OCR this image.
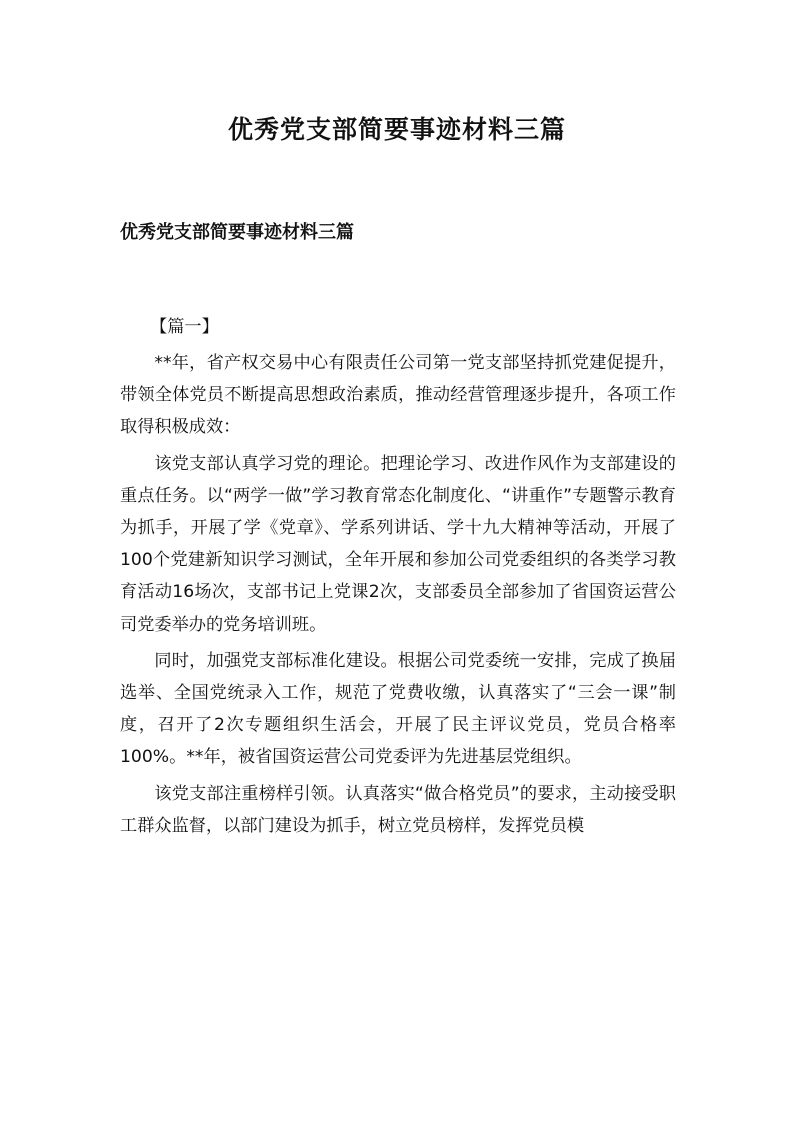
优秀党支部简要事迹材料三篇
优秀党支部简要事迹材料三篇

【篇一】

**年，省产权交易中心有限责任公司第一党支部坚持抓党建促提升，带领全体党员不断提高思想政治素质，推动经营管理逐步提升，各项工作取得积极成效：

该党支部认真学习党的理论。把理论学习、改进作风作为支部建设的重点任务。以“两学一做”学习教育常态化制度化、“讲重作”专题警示教育为抓手，开展了学《党章》、学系列讲话、学十九大精神等活动，开展了100个党建新知识学习测试，全年开展和参加公司党委组织的各类学习教育活动16场次，支部书记上党课2次，支部委员全部参加了省国资运营公司党委举办的党务培训班。

同时，加强党支部标准化建设。根据公司党委统一安排，完成了换届选举、全国党统录入工作，规范了党费收缴，认真落实了“三会一课”制度，召开了2次专题组织生活会，开展了民主评议党员，党员合格率100%。**年，被省国资运营公司党委评为先进基层党组织。

该党支部注重榜样引领。认真落实“做合格党员”的要求，主动接受职工群众监督，以部门建设为抓手，树立党员榜样，发挥党员模
